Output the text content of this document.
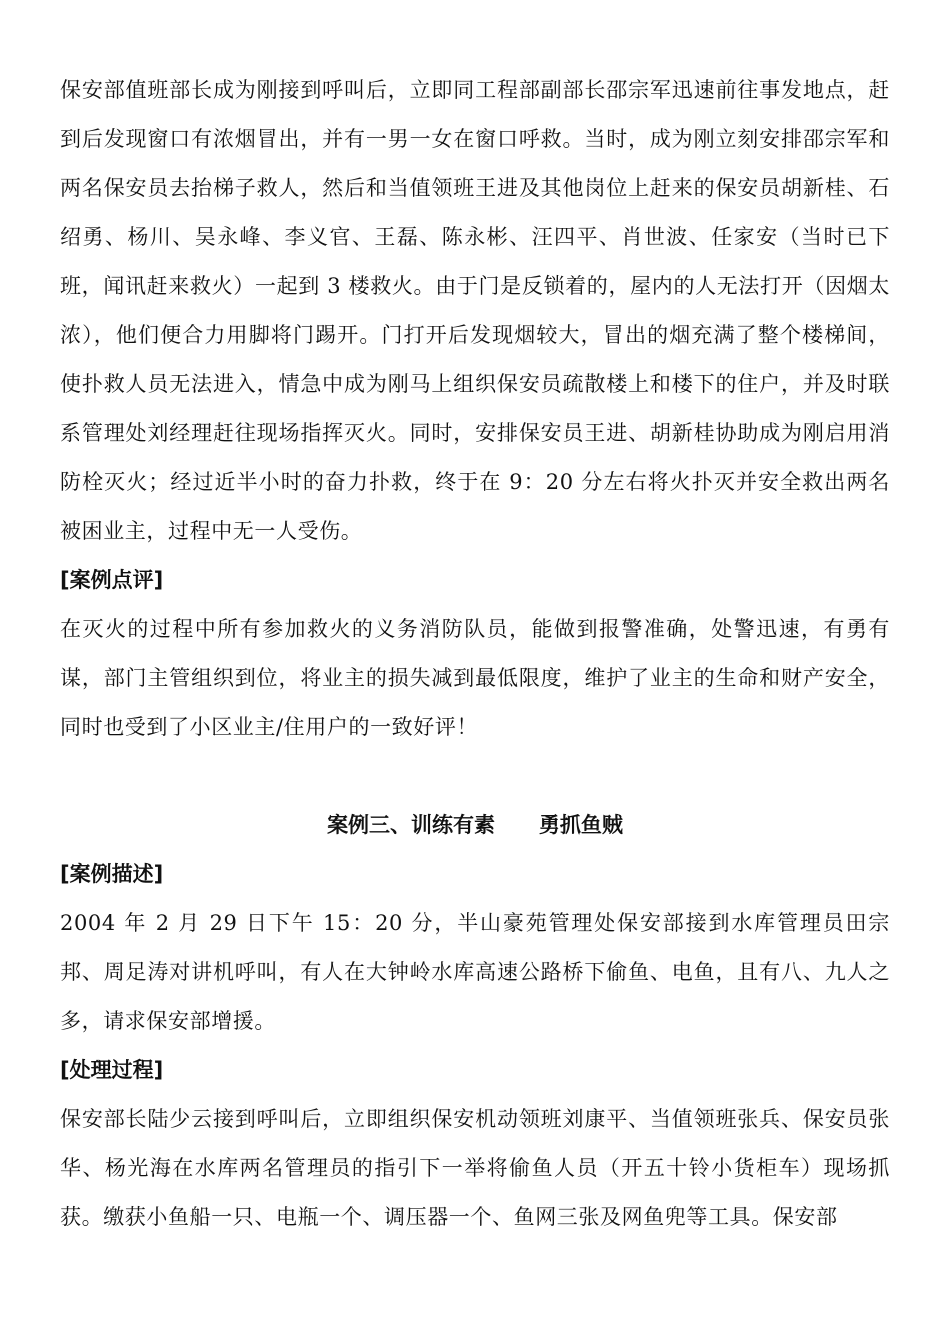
保安部值班部长成为刚接到呼叫后，立即同工程部副部长邵宗军迅速前往事发地点，赶到后发现窗口有浓烟冒出，并有一男一女在窗口呼救。当时，成为刚立刻安排邵宗军和两名保安员去抬梯子救人，然后和当值领班王进及其他岗位上赶来的保安员胡新桂、石绍勇、杨川、吴永峰、李义官、王磊、陈永彬、汪四平、肖世波、任家安（当时已下班，闻讯赶来救火）一起到 3 楼救火。由于门是反锁着的，屋内的人无法打开（因烟太浓），他们便合力用脚将门踢开。门打开后发现烟较大，冒出的烟充满了整个楼梯间，使扑救人员无法进入，情急中成为刚马上组织保安员疏散楼上和楼下的住户，并及时联系管理处刘经理赶往现场指挥灭火。同时，安排保安员王进、胡新桂协助成为刚启用消防栓灭火；经过近半小时的奋力扑救，终于在 9：20 分左右将火扑灭并安全救出两名被困业主，过程中无一人受伤。

[案例点评]

在灭火的过程中所有参加救火的义务消防队员，能做到报警准确，处警迅速，有勇有谋，部门主管组织到位，将业主的损失减到最低限度，维护了业主的生命和财产安全，同时也受到了小区业主/住用户的一致好评！

案例三、训练有素      勇抓鱼贼

[案例描述]

2004 年 2 月 29 日下午 15：20 分，半山豪苑管理处保安部接到水库管理员田宗邦、周足涛对讲机呼叫，有人在大钟岭水库高速公路桥下偷鱼、电鱼，且有八、九人之多，请求保安部增援。

[处理过程]

保安部长陆少云接到呼叫后，立即组织保安机动领班刘康平、当值领班张兵、保安员张华、杨光海在水库两名管理员的指引下一举将偷鱼人员（开五十铃小货柜车）现场抓获。缴获小鱼船一只、电瓶一个、调压器一个、鱼网三张及网鱼兜等工具。保安部
